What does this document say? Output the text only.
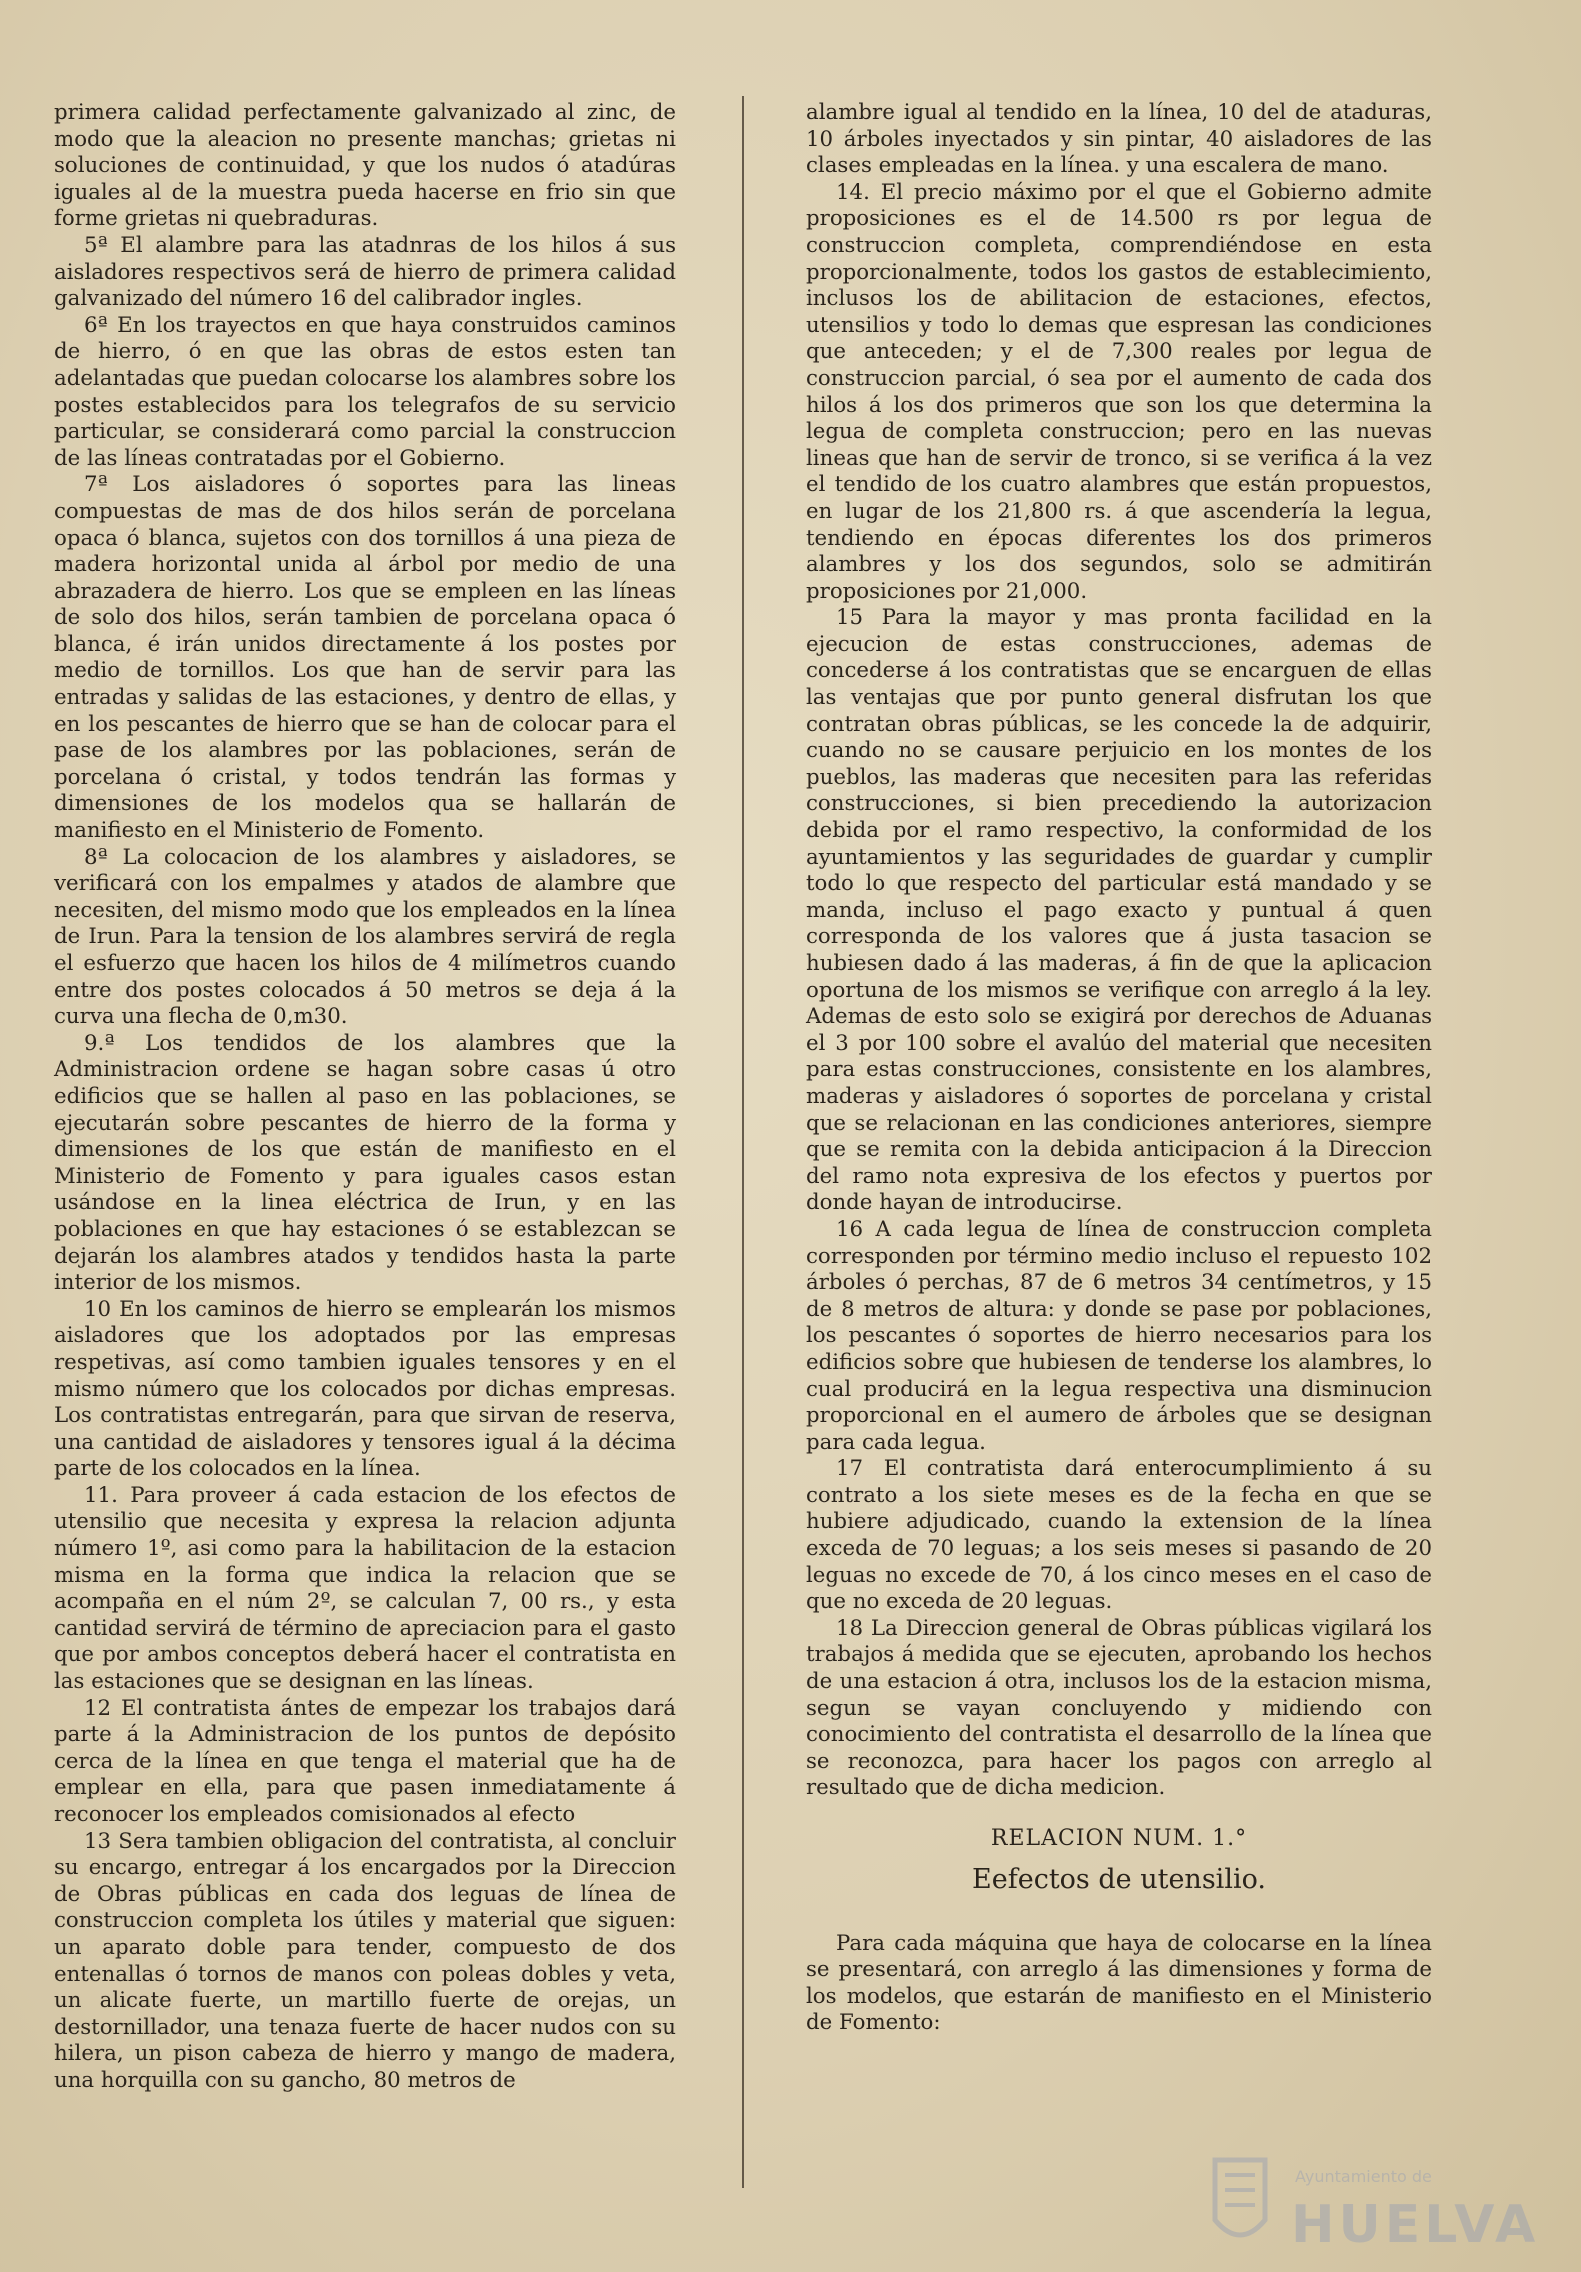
primera calidad perfectamente galvanizado al zinc, de modo que la aleacion no presente manchas; grietas ni soluciones de continuidad, y que los nudos ó atadúras iguales al de la muestra pueda hacerse en frio sin que forme grietas ni quebraduras.

5ª El alambre para las atadnras de los hilos á sus aisladores respectivos será de hierro de primera calidad galvanizado del número 16 del calibrador ingles.

6ª En los trayectos en que haya construidos caminos de hierro, ó en que las obras de estos esten tan adelantadas que puedan colocarse los alambres sobre los postes establecidos para los telegrafos de su servicio particular, se considerará como parcial la construccion de las líneas contratadas por el Gobierno.

7ª Los aisladores ó soportes para las lineas compuestas de mas de dos hilos serán de porcelana opaca ó blanca, sujetos con dos tornillos á una pieza de madera horizontal unida al árbol por medio de una abrazadera de hierro. Los que se empleen en las líneas de solo dos hilos, serán tambien de porcelana opaca ó blanca, é irán unidos directamente á los postes por medio de tornillos. Los que han de servir para las entradas y salidas de las estaciones, y dentro de ellas, y en los pescantes de hierro que se han de colocar para el pase de los alambres por las poblaciones, serán de porcelana ó cristal, y todos tendrán las formas y dimensiones de los modelos qua se hallarán de manifiesto en el Ministerio de Fomento.

8ª La colocacion de los alambres y aisladores, se verificará con los empalmes y atados de alambre que necesiten, del mismo modo que los empleados en la línea de Irun. Para la tension de los alambres servirá de regla el esfuerzo que hacen los hilos de 4 milímetros cuando entre dos postes colocados á 50 metros se deja á la curva una flecha de 0,m30.

9.ª Los tendidos de los alambres que la Administracion ordene se hagan sobre casas ú otro edificios que se hallen al paso en las poblaciones, se ejecutarán sobre pescantes de hierro de la forma y dimensiones de los que están de manifiesto en el Ministerio de Fomento y para iguales casos estan usándose en la linea eléctrica de Irun, y en las poblaciones en que hay estaciones ó se establezcan se dejarán los alambres atados y tendidos hasta la parte interior de los mismos.

10 En los caminos de hierro se emplearán los mismos aisladores que los adoptados por las empresas respetivas, así como tambien iguales tensores y en el mismo número que los colocados por dichas empresas. Los contratistas entregarán, para que sirvan de reserva, una cantidad de aisladores y tensores igual á la décima parte de los colocados en la línea.

11. Para proveer á cada estacion de los efectos de utensilio que necesita y expresa la relacion adjunta número 1º, asi como para la habilitacion de la estacion misma en la forma que indica la relacion que se acompaña en el núm 2º, se calculan 7, 00 rs., y esta cantidad servirá de término de apreciacion para el gasto que por ambos conceptos deberá hacer el contratista en las estaciones que se designan en las líneas.

12 El contratista ántes de empezar los trabajos dará parte á la Administracion de los puntos de depósito cerca de la línea en que tenga el material que ha de emplear en ella, para que pasen inmediatamente á reconocer los empleados comisionados al efecto

13 Sera tambien obligacion del contratista, al concluir su encargo, entregar á los encargados por la Direccion de Obras públicas en cada dos leguas de línea de construccion completa los útiles y material que siguen: un aparato doble para tender, compuesto de dos entenallas ó tornos de manos con poleas dobles y veta, un alicate fuerte, un martillo fuerte de orejas, un destornillador, una tenaza fuerte de hacer nudos con su hilera, un pison cabeza de hierro y mango de madera, una horquilla con su gancho, 80 metros de

alambre igual al tendido en la línea, 10 del de ataduras, 10 árboles inyectados y sin pintar, 40 aisladores de las clases empleadas en la línea. y una escalera de mano.

14. El precio máximo por el que el Gobierno admite proposiciones es el de 14.500 rs por legua de construccion completa, comprendiéndose en esta proporcionalmente, todos los gastos de establecimiento, inclusos los de abilitacion de estaciones, efectos, utensilios y todo lo demas que espresan las condiciones que anteceden; y el de 7,300 reales por legua de construccion parcial, ó sea por el aumento de cada dos hilos á los dos primeros que son los que determina la legua de completa construccion; pero en las nuevas lineas que han de servir de tronco, si se verifica á la vez el tendido de los cuatro alambres que están propuestos, en lugar de los 21,800 rs. á que ascendería la legua, tendiendo en épocas diferentes los dos primeros alambres y los dos segundos, solo se admitirán proposiciones por 21,000.

15 Para la mayor y mas pronta facilidad en la ejecucion de estas construcciones, ademas de concederse á los contratistas que se encarguen de ellas las ventajas que por punto general disfrutan los que contratan obras públicas, se les concede la de adquirir, cuando no se causare perjuicio en los montes de los pueblos, las maderas que necesiten para las referidas construcciones, si bien precediendo la autorizacion debida por el ramo respectivo, la conformidad de los ayuntamientos y las seguridades de guardar y cumplir todo lo que respecto del particular está mandado y se manda, incluso el pago exacto y puntual á quen corresponda de los valores que á justa tasacion se hubiesen dado á las maderas, á fin de que la aplicacion oportuna de los mismos se verifique con arreglo á la ley. Ademas de esto solo se exigirá por derechos de Aduanas el 3 por 100 sobre el avalúo del material que necesiten para estas construcciones, consistente en los alambres, maderas y aisladores ó soportes de porcelana y cristal que se relacionan en las condiciones anteriores, siempre que se remita con la debida anticipacion á la Direccion del ramo nota expresiva de los efectos y puertos por donde hayan de introducirse.

16 A cada legua de línea de construccion completa corresponden por término medio incluso el repuesto 102 árboles ó perchas, 87 de 6 metros 34 centímetros, y 15 de 8 metros de altura: y donde se pase por poblaciones, los pescantes ó soportes de hierro necesarios para los edificios sobre que hubiesen de tenderse los alambres, lo cual producirá en la legua respectiva una disminucion proporcional en el aumero de árboles que se designan para cada legua.

17 El contratista dará enterocumplimiento á su contrato a los siete meses es de la fecha en que se hubiere adjudicado, cuando la extension de la línea exceda de 70 leguas; a los seis meses si pasando de 20 leguas no excede de 70, á los cinco meses en el caso de que no exceda de 20 leguas.

18 La Direccion general de Obras públicas vigilará los trabajos á medida que se ejecuten, aprobando los hechos de una estacion á otra, inclusos los de la estacion misma, segun se vayan concluyendo y midiendo con conocimiento del contratista el desarrollo de la línea que se reconozca, para hacer los pagos con arreglo al resultado que de dicha medicion.

RELACION NUM. 1.°
Eefectos de utensilio.

Para cada máquina que haya de colocarse en la línea se presentará, con arreglo á las dimensiones y forma de los modelos, que estarán de manifiesto en el Ministerio de Fomento:

Ayuntamiento de
HUELVA
